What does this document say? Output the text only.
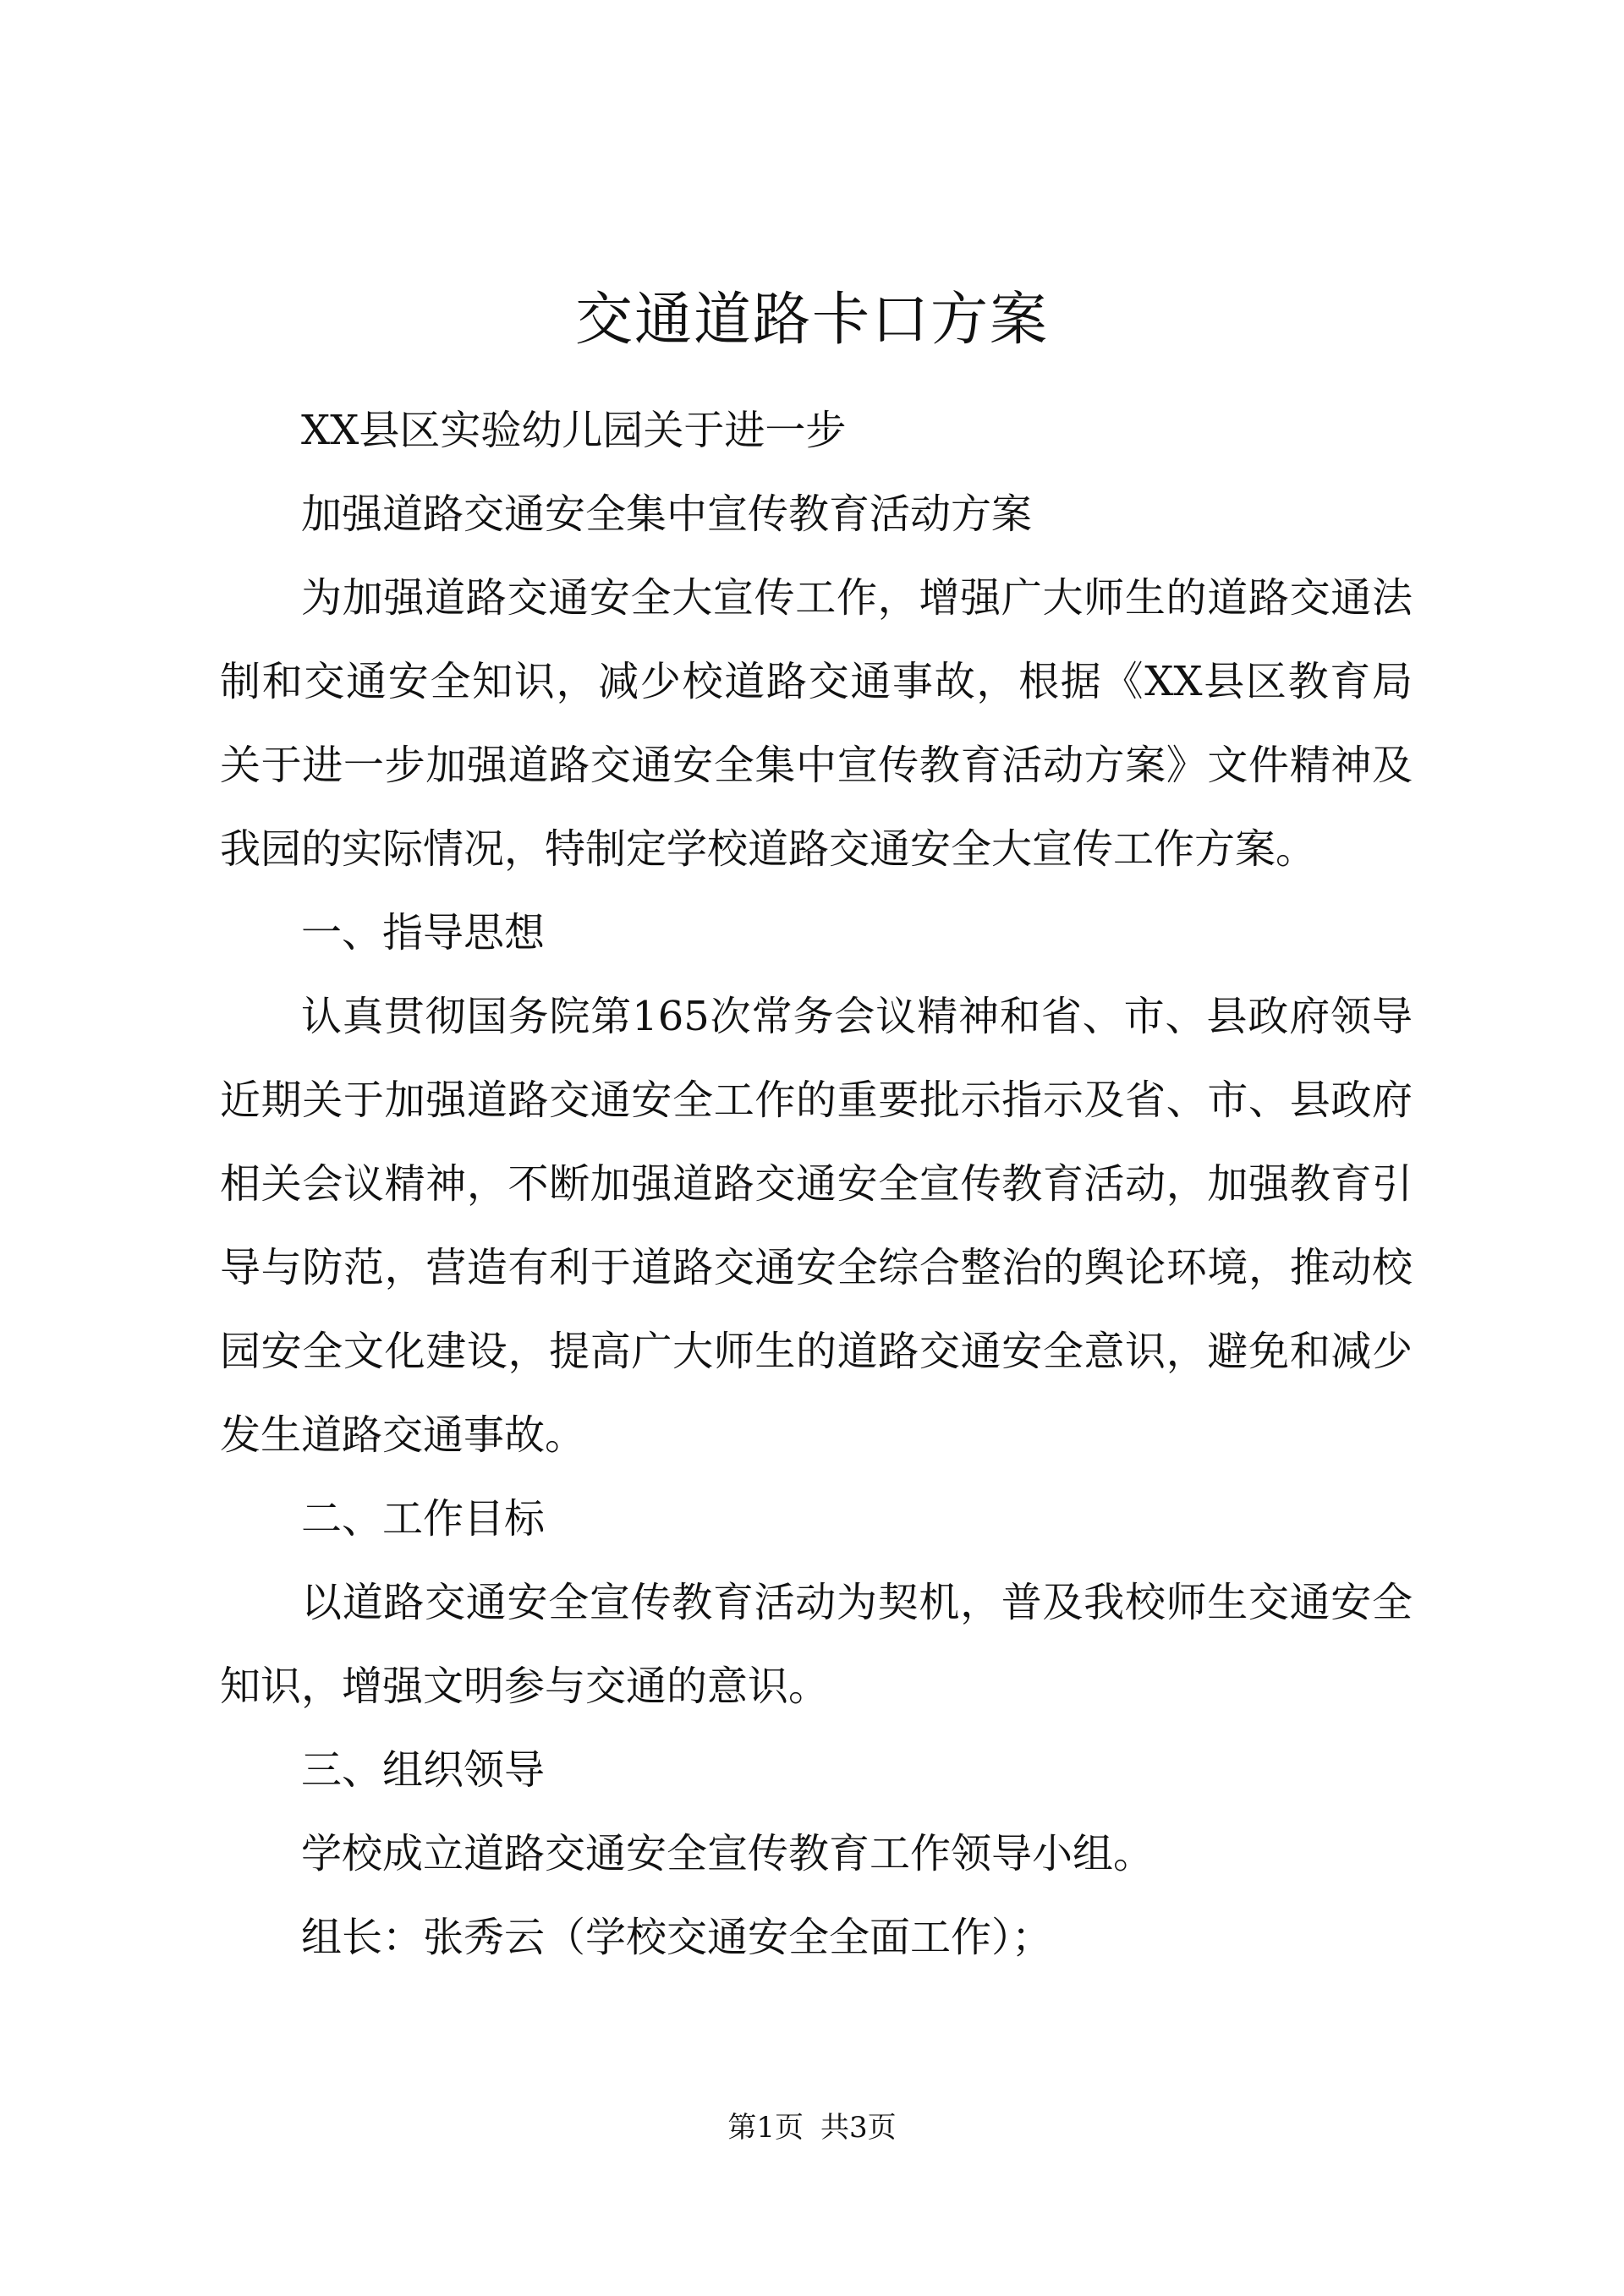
交通道路卡口方案

XX县区实验幼儿园关于进一步

加强道路交通安全集中宣传教育活动方案

为加强道路交通安全大宣传工作，增强广大师生的道路交通法制和交通安全知识，减少校道路交通事故，根据《XX县区教育局关于进一步加强道路交通安全集中宣传教育活动方案》文件精神及我园的实际情况，特制定学校道路交通安全大宣传工作方案。

一、指导思想

认真贯彻国务院第165次常务会议精神和省、市、县政府领导近期关于加强道路交通安全工作的重要批示指示及省、市、县政府相关会议精神，不断加强道路交通安全宣传教育活动，加强教育引导与防范，营造有利于道路交通安全综合整治的舆论环境，推动校园安全文化建设，提高广大师生的道路交通安全意识，避免和减少发生道路交通事故。

二、工作目标

以道路交通安全宣传教育活动为契机，普及我校师生交通安全知识，增强文明参与交通的意识。

三、组织领导

学校成立道路交通安全宣传教育工作领导小组。

组长：张秀云（学校交通安全全面工作）；

第1页 共3页
